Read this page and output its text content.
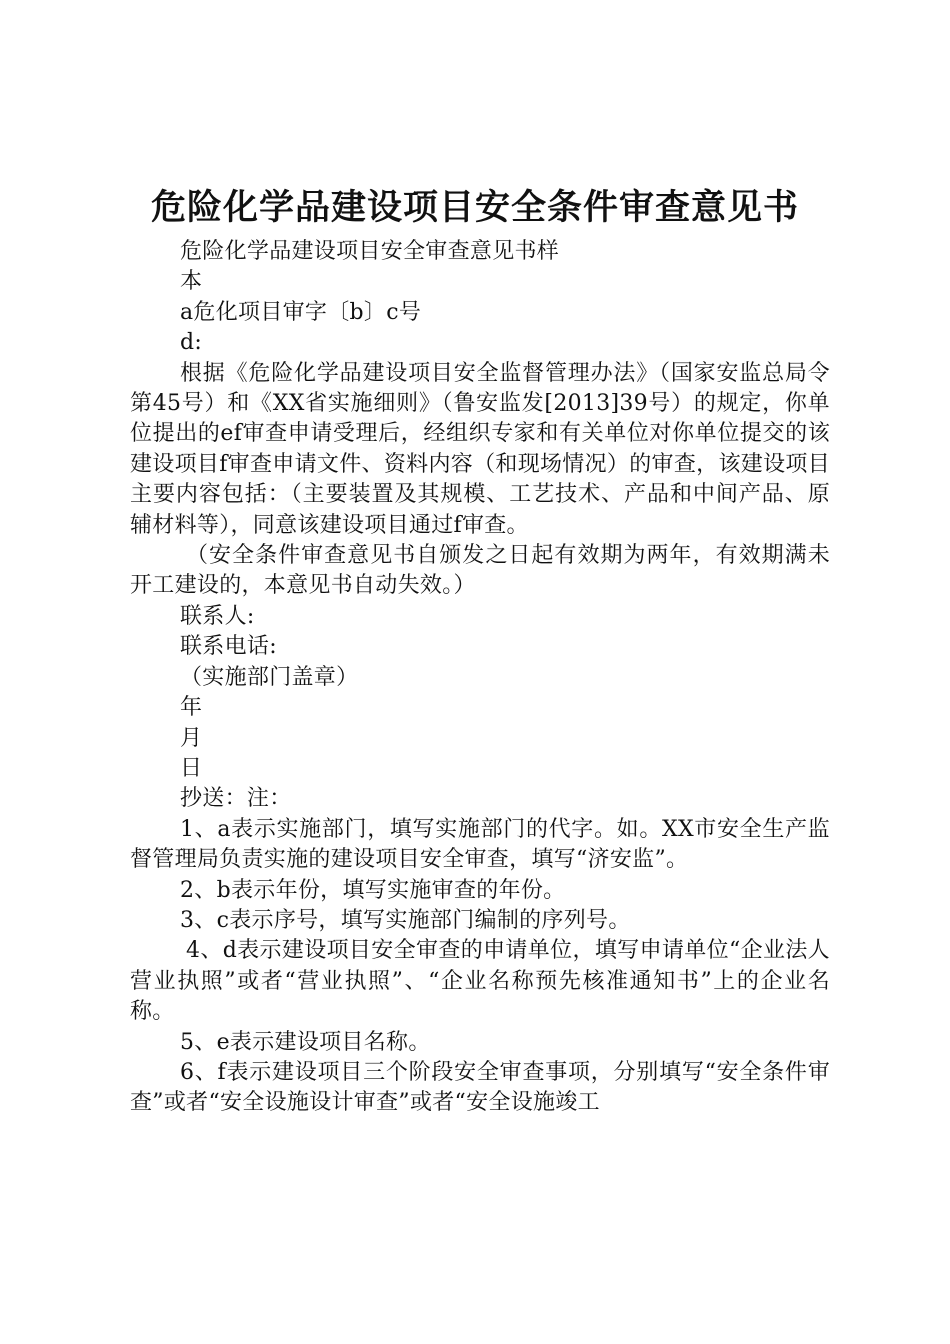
危险化学品建设项目安全条件审查意见书

危险化学品建设项目安全审查意见书样

本

a危化项目审字〔b〕c号

d:

根据《危险化学品建设项目安全监督管理办法》（国家安监总局令第45号）和《XX省实施细则》（鲁安监发[2013]39号）的规定，你单位提出的ef审查申请受理后，经组织专家和有关单位对你单位提交的该建设项目f审查申请文件、资料内容（和现场情况）的审查，该建设项目主要内容包括：（主要装置及其规模、工艺技术、产品和中间产品、原辅材料等），同意该建设项目通过f审查。

（安全条件审查意见书自颁发之日起有效期为两年，有效期满未开工建设的，本意见书自动失效。）

联系人:

联系电话:

（实施部门盖章）

年

月

日

抄送：注：

1、a表示实施部门，填写实施部门的代字。如。XX市安全生产监督管理局负责实施的建设项目安全审查，填写“济安监”。

2、b表示年份，填写实施审查的年份。

3、c表示序号，填写实施部门编制的序列号。

4、d表示建设项目安全审查的申请单位，填写申请单位“企业法人营业执照”或者“营业执照”、“企业名称预先核准通知书”上的企业名称。

5、e表示建设项目名称。

6、f表示建设项目三个阶段安全审查事项，分别填写“安全条件审查”或者“安全设施设计审查”或者“安全设施竣工
